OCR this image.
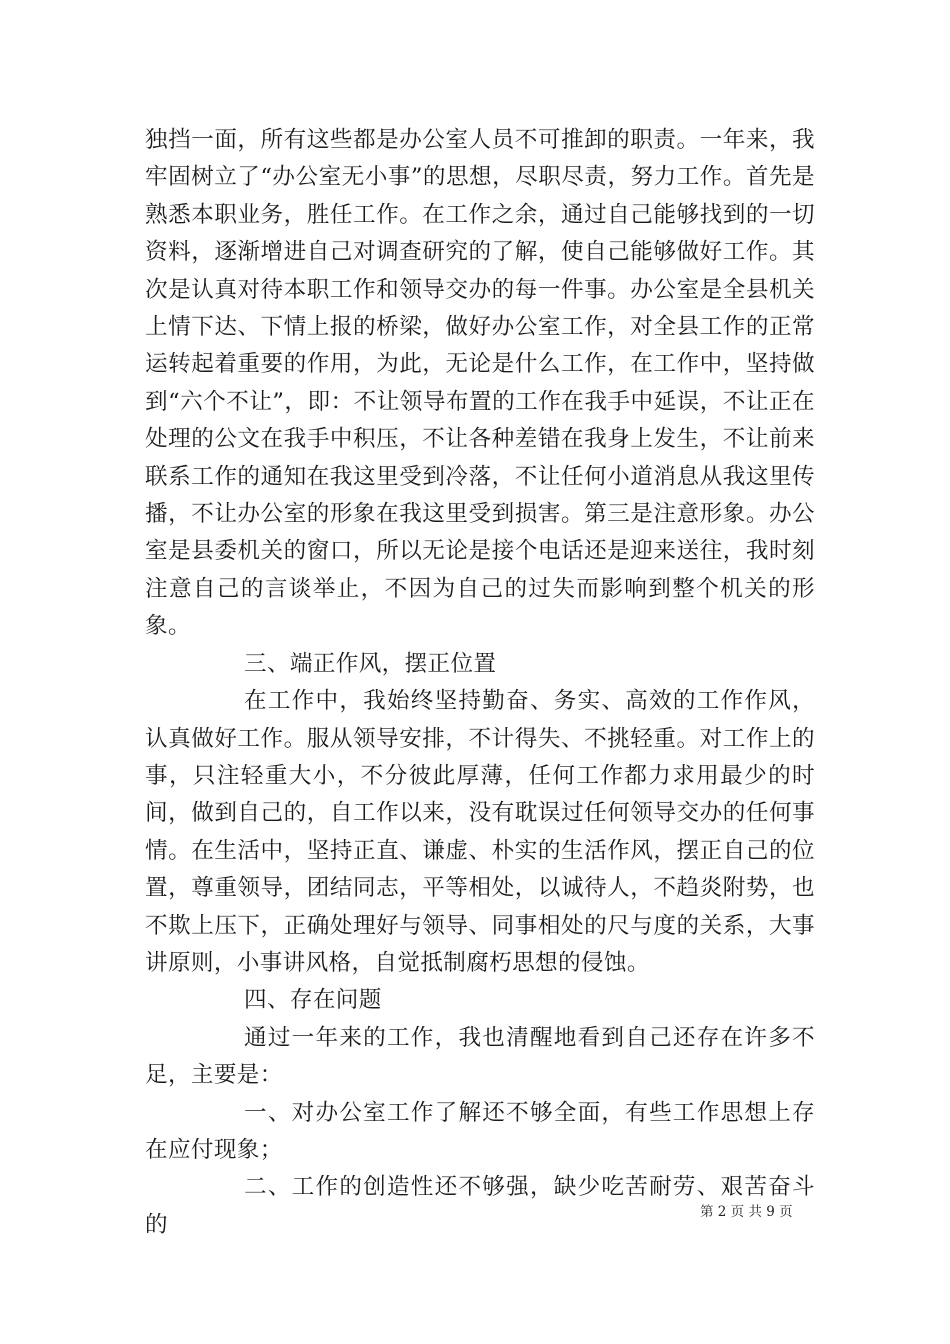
独挡一面，所有这些都是办公室人员不可推卸的职责。一年来，我牢固树立了“办公室无小事”的思想，尽职尽责，努力工作。首先是熟悉本职业务，胜任工作。在工作之余，通过自己能够找到的一切资料，逐渐增进自己对调查研究的了解，使自己能够做好工作。其次是认真对待本职工作和领导交办的每一件事。办公室是全县机关上情下达、下情上报的桥梁，做好办公室工作，对全县工作的正常运转起着重要的作用，为此，无论是什么工作，在工作中，坚持做到“六个不让”，即：不让领导布置的工作在我手中延误，不让正在处理的公文在我手中积压，不让各种差错在我身上发生，不让前来联系工作的通知在我这里受到冷落，不让任何小道消息从我这里传播，不让办公室的形象在我这里受到损害。第三是注意形象。办公室是县委机关的窗口，所以无论是接个电话还是迎来送往，我时刻注意自己的言谈举止，不因为自己的过失而影响到整个机关的形象。

三、端正作风，摆正位置

在工作中，我始终坚持勤奋、务实、高效的工作作风，认真做好工作。服从领导安排，不计得失、不挑轻重。对工作上的事，只注轻重大小，不分彼此厚薄，任何工作都力求用最少的时间，做到自己的，自工作以来，没有耽误过任何领导交办的任何事情。在生活中，坚持正直、谦虚、朴实的生活作风，摆正自己的位置，尊重领导，团结同志，平等相处，以诚待人，不趋炎附势，也不欺上压下，正确处理好与领导、同事相处的尺与度的关系，大事讲原则，小事讲风格，自觉抵制腐朽思想的侵蚀。

四、存在问题

通过一年来的工作，我也清醒地看到自己还存在许多不足，主要是：

一、对办公室工作了解还不够全面，有些工作思想上存在应付现象；

二、工作的创造性还不够强，缺少吃苦耐劳、艰苦奋斗的	第 2 页 共 9 页
